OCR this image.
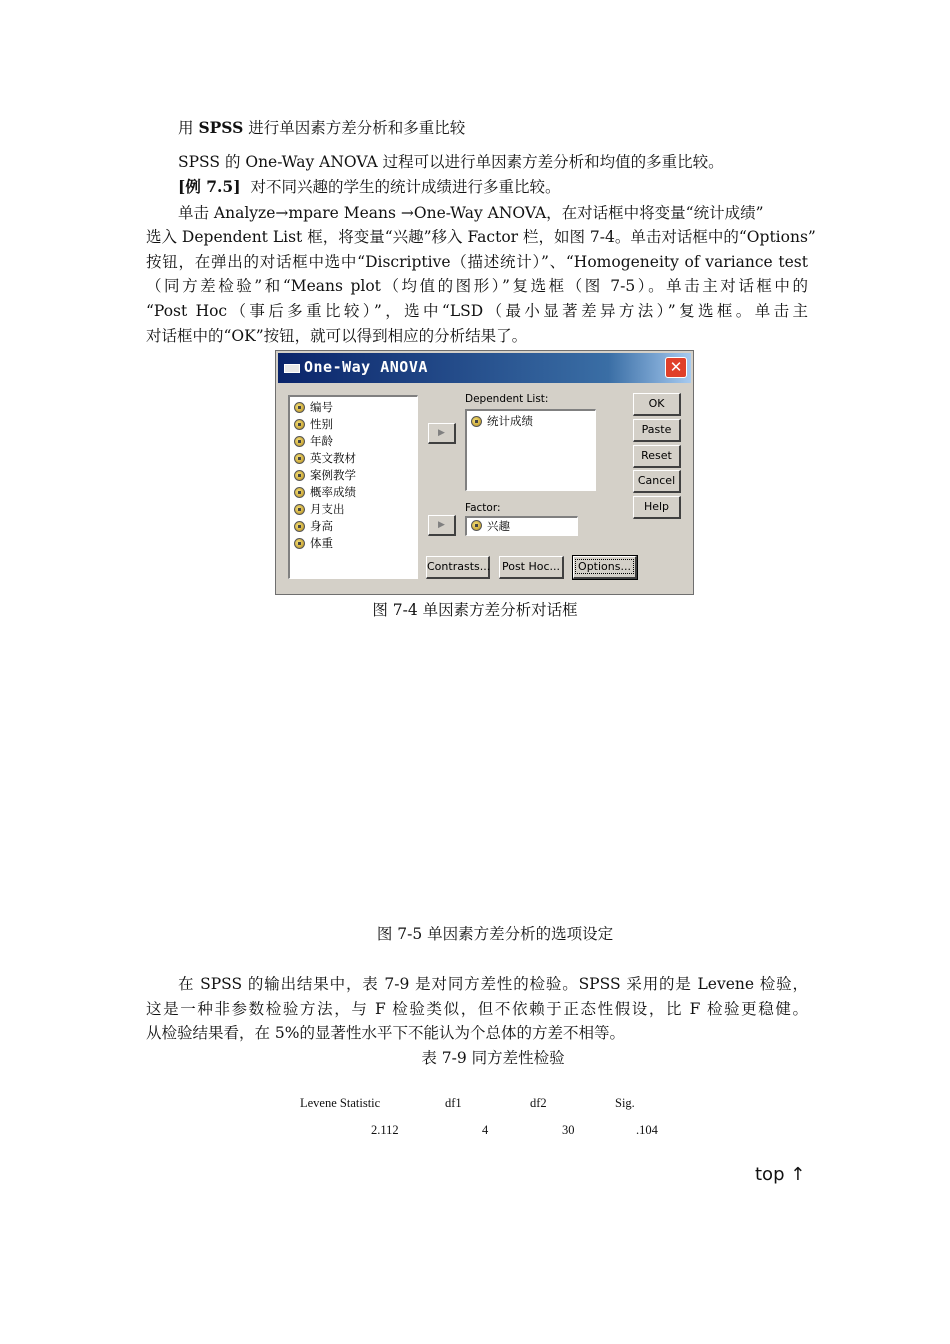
用 SPSS 进行单因素方差分析和多重比较
SPSS 的 One-Way ANOVA 过程可以进行单因素方差分析和均值的多重比较。
[例 7.5] 对不同兴趣的学生的统计成绩进行多重比较。
单击 Analyze→mpare Means →One-Way ANOVA，在对话框中将变量“统计成绩”
选入 Dependent List 框，将变量“兴趣”移入 Factor 栏，如图 7-4。单击对话框中的“Options”
按钮，在弹出的对话框中选中“Discriptive（描述统计）”、“Homogeneity of variance test
（同方差检验”和“Means plot（均值的图形）”复选框（图 7-5）。单击主对话框中的
“Post Hoc（事后多重比较）”，选中“LSD（最小显著差异方法）”复选框。单击主
对话框中的“OK”按钮，就可以得到相应的分析结果了。
One-Way ANOVA	✕
编号
性别
年龄
英文教材
案例教学
概率成绩
月支出
身高
体重
▶
Dependent List:
统计成绩
▶
Factor:
兴趣
OK
Paste
Reset
Cancel
Help
Contrasts... Post Hoc...	Options...
图 7-4 单因素方差分析对话框
图 7-5 单因素方差分析的选项设定
在 SPSS 的输出结果中，表 7-9 是对同方差性的检验。SPSS 采用的是 Levene 检验，
这是一种非参数检验方法，与 F 检验类似，但不依赖于正态性假设，比 F 检验更稳健。
从检验结果看，在 5%的显著性水平下不能认为个总体的方差不相等。
表 7-9 同方差性检验
Levene Statistic	df1	df2	Sig.
2.112	4	30	.104
top ↑
